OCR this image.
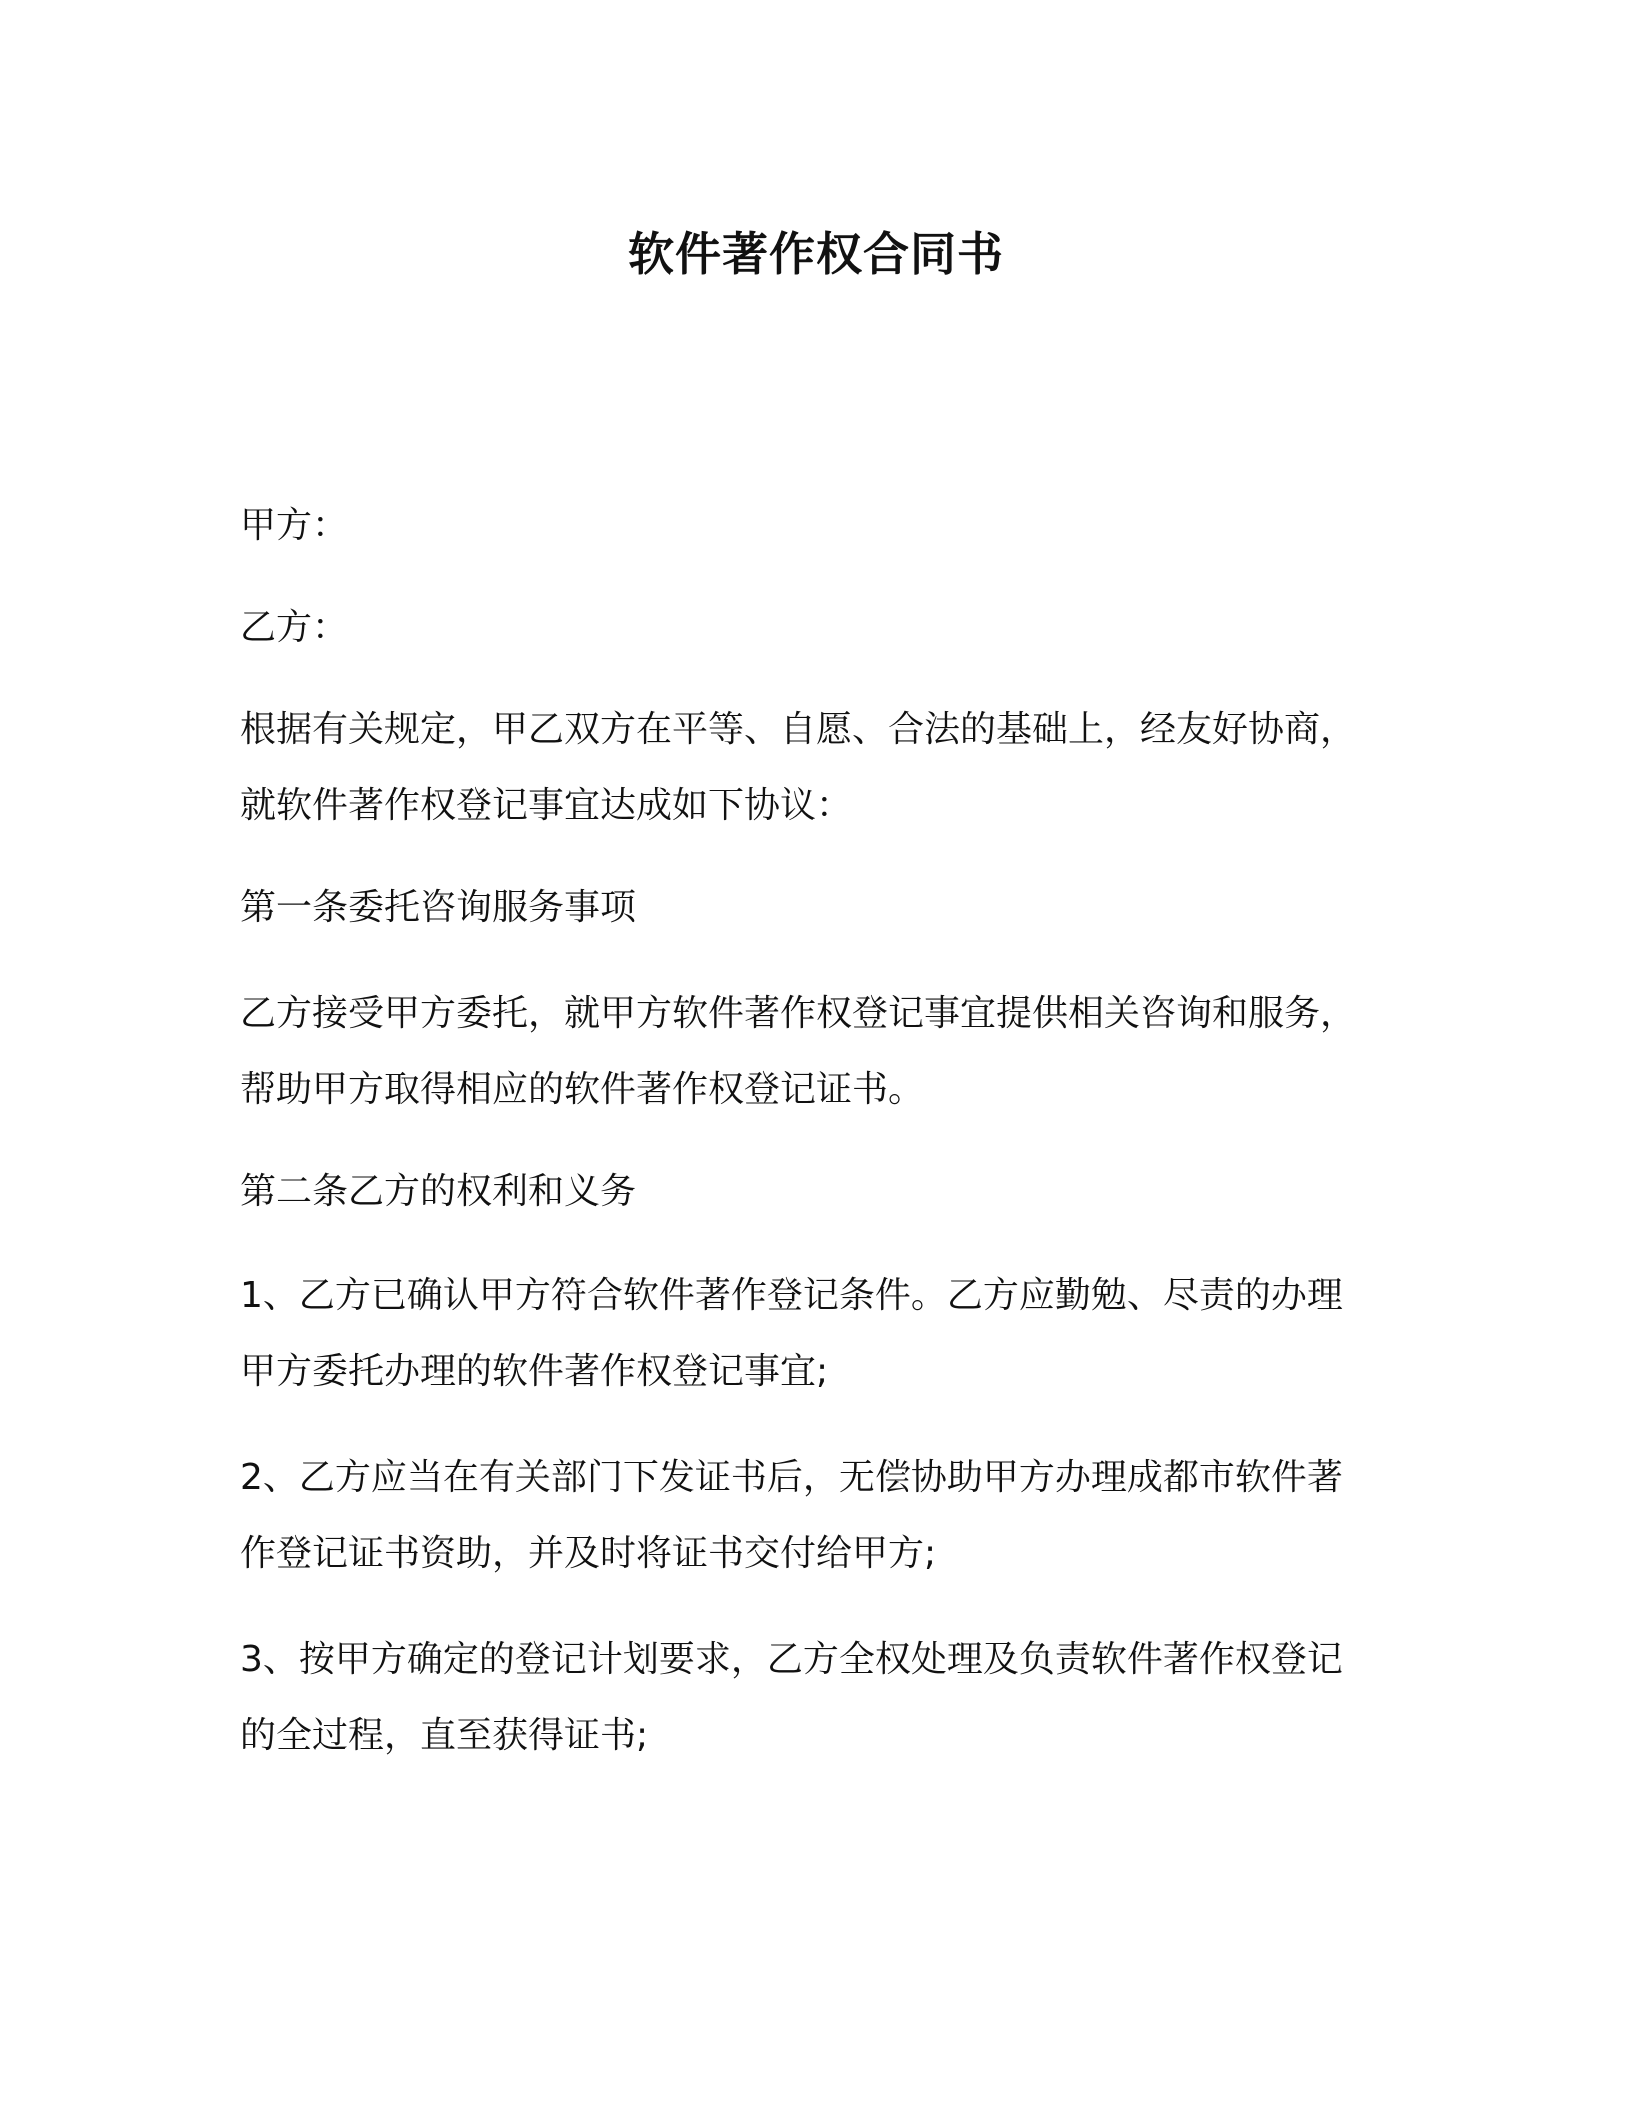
软件著作权合同书

甲方：

乙方：

根据有关规定，甲乙双方在平等、自愿、合法的基础上，经友好协商，
就软件著作权登记事宜达成如下协议：

第一条委托咨询服务事项

乙方接受甲方委托，就甲方软件著作权登记事宜提供相关咨询和服务，
帮助甲方取得相应的软件著作权登记证书。

第二条乙方的权利和义务

1、乙方已确认甲方符合软件著作登记条件。乙方应勤勉、尽责的办理
甲方委托办理的软件著作权登记事宜;

2、乙方应当在有关部门下发证书后，无偿协助甲方办理成都市软件著
作登记证书资助，并及时将证书交付给甲方;

3、按甲方确定的登记计划要求，乙方全权处理及负责软件著作权登记
的全过程，直至获得证书;
